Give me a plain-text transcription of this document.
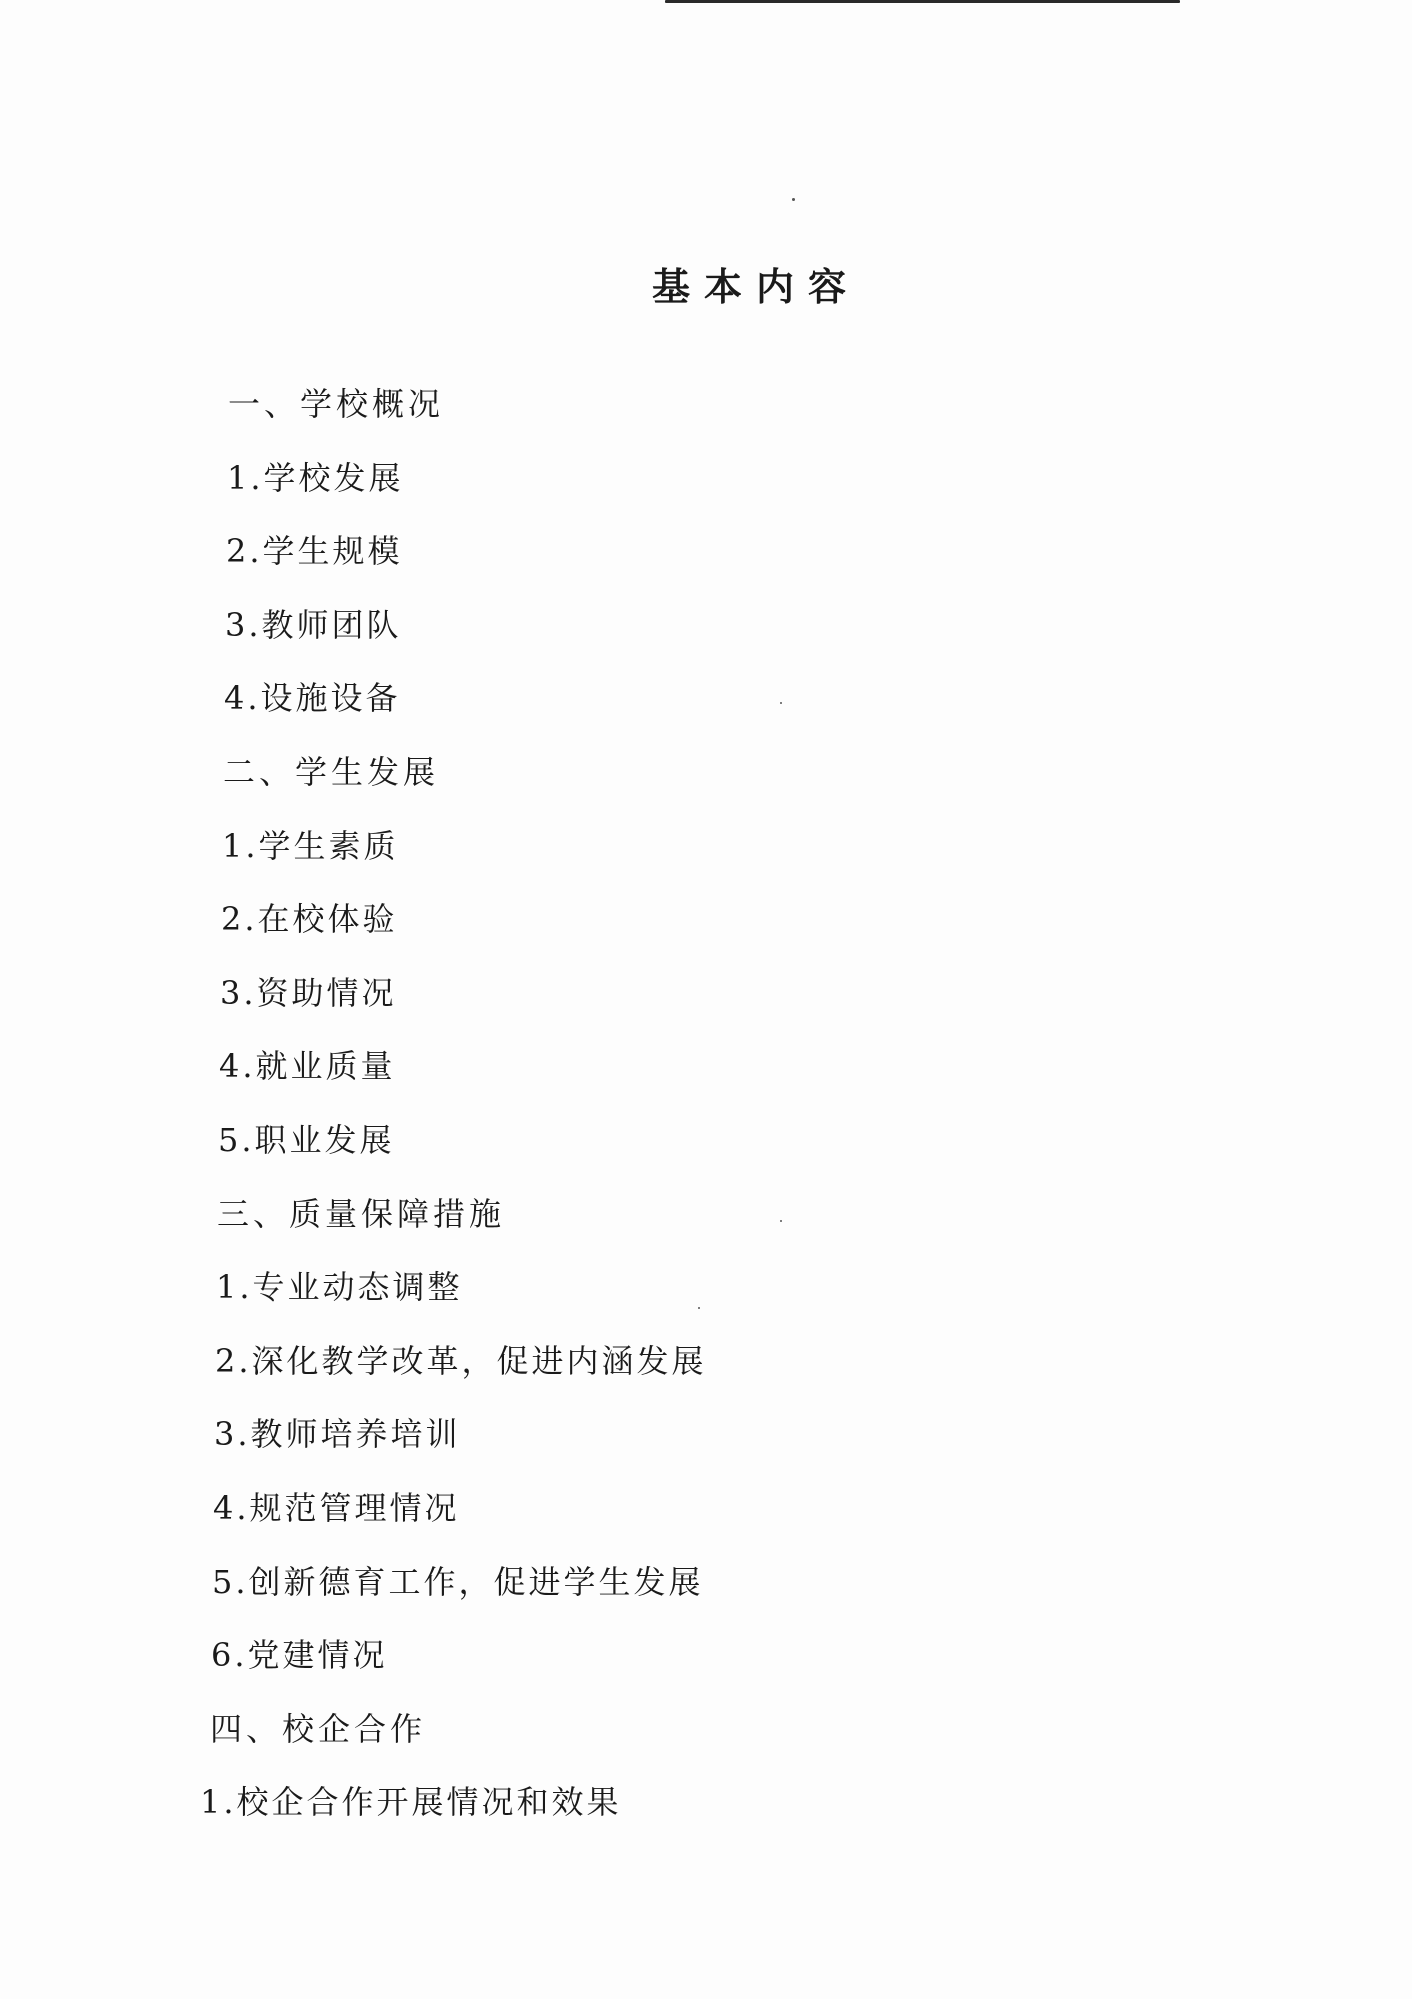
基本内容
一、学校概况
1.学校发展
2.学生规模
3.教师团队
4.设施设备
二、学生发展
1.学生素质
2.在校体验
3.资助情况
4.就业质量
5.职业发展
三、质量保障措施
1.专业动态调整
2.深化教学改革，促进内涵发展
3.教师培养培训
4.规范管理情况
5.创新德育工作，促进学生发展
6.党建情况
四、校企合作
1.校企合作开展情况和效果
